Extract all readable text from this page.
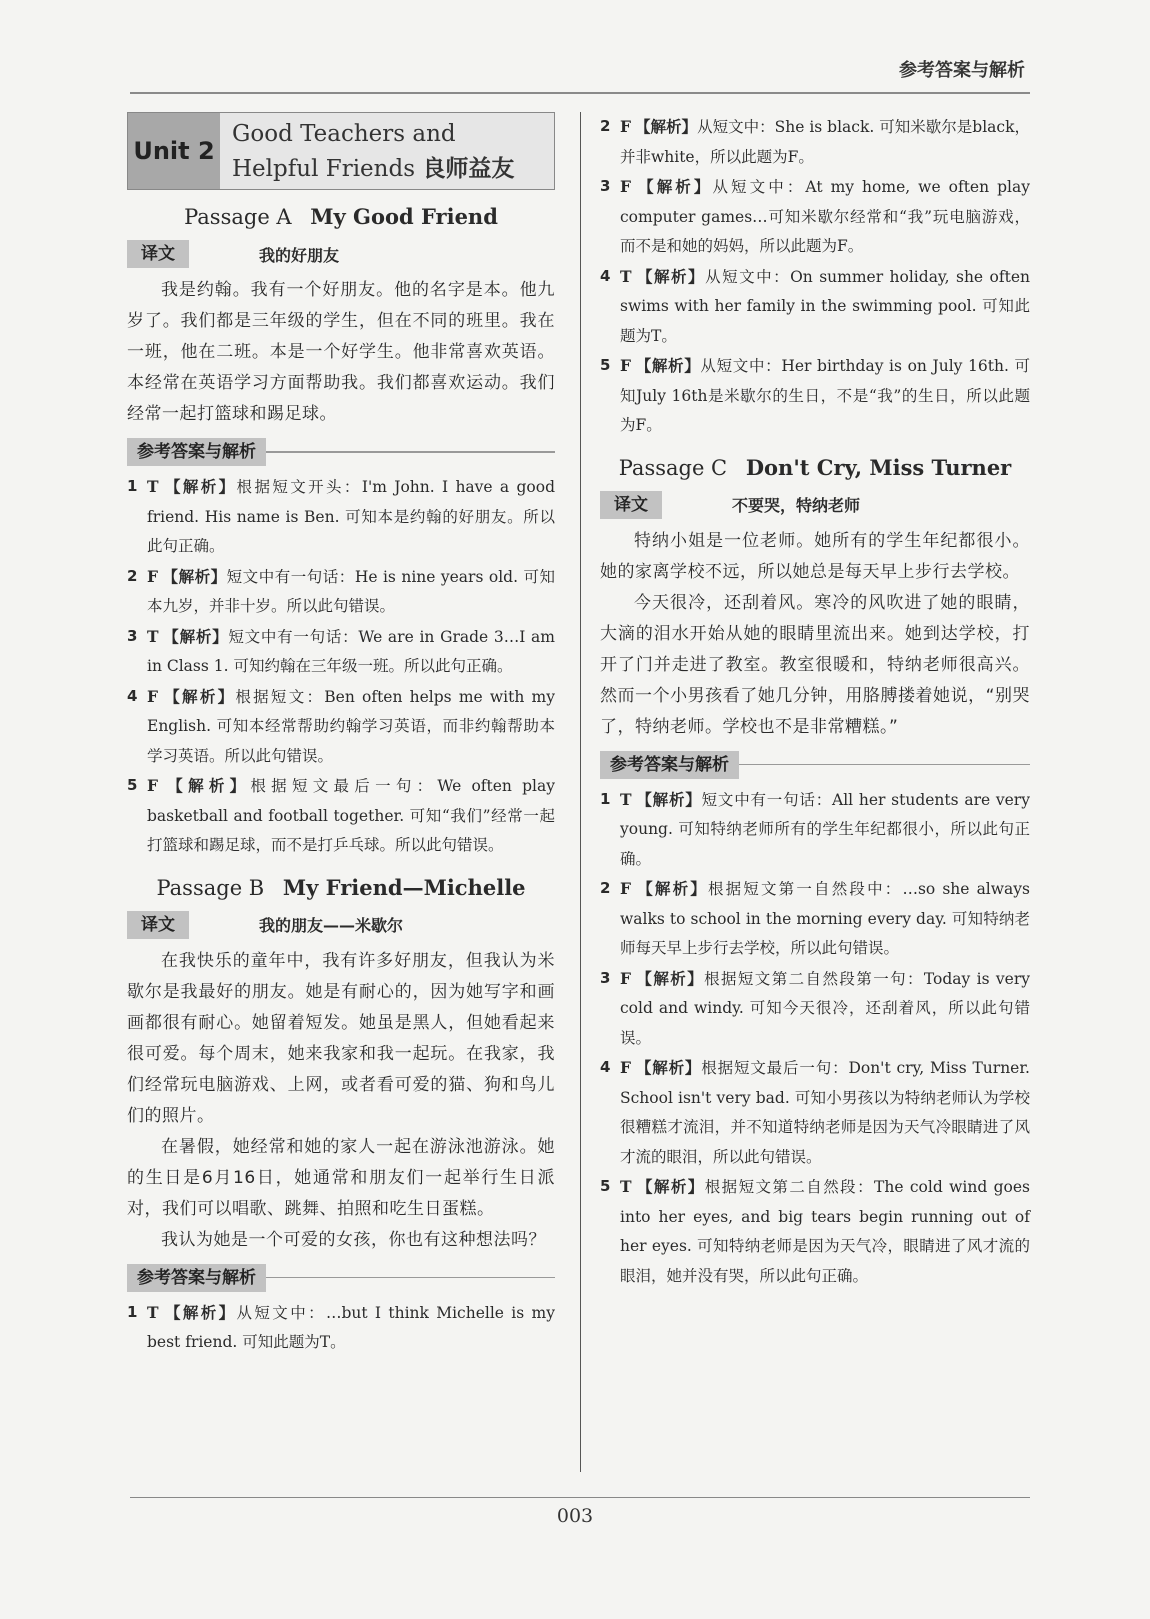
参考答案与解析
Unit 2
Good Teachers and Helpful Friends 良师益友
Passage A My Good Friend
译文	我的好朋友

我是约翰。我有一个好朋友。他的名字是本。他九岁了。我们都是三年级的学生，但在不同的班里。我在一班，他在二班。本是一个好学生。他非常喜欢英语。本经常在英语学习方面帮助我。我们都喜欢运动。我们经常一起打篮球和踢足球。

参考答案与解析
1 T 【解析】根据短文开头：I'm John. I have a good friend. His name is Ben. 可知本是约翰的好朋友。所以此句正确。
2 F 【解析】短文中有一句话：He is nine years old. 可知本九岁，并非十岁。所以此句错误。
3 T 【解析】短文中有一句话：We are in Grade 3…I am in Class 1. 可知约翰在三年级一班。所以此句正确。
4 F 【解析】根据短文：Ben often helps me with my English. 可知本经常帮助约翰学习英语，而非约翰帮助本学习英语。所以此句错误。
5 F 【解析】根据短文最后一句：We often play basketball and football together. 可知“我们”经常一起打篮球和踢足球，而不是打乒乓球。所以此句错误。
Passage B My Friend—Michelle
译文	我的朋友——米歇尔

在我快乐的童年中，我有许多好朋友，但我认为米歇尔是我最好的朋友。她是有耐心的，因为她写字和画画都很有耐心。她留着短发。她虽是黑人，但她看起来很可爱。每个周末，她来我家和我一起玩。在我家，我们经常玩电脑游戏、上网，或者看可爱的猫、狗和鸟儿们的照片。

在暑假，她经常和她的家人一起在游泳池游泳。她的生日是6月16日，她通常和朋友们一起举行生日派对，我们可以唱歌、跳舞、拍照和吃生日蛋糕。

我认为她是一个可爱的女孩，你也有这种想法吗？

参考答案与解析
1 T 【解析】从短文中：…but I think Michelle is my best friend. 可知此题为T。
2 F 【解析】从短文中：She is black. 可知米歇尔是black，并非white，所以此题为F。
3 F 【解析】从短文中：At my home, we often play computer games…可知米歇尔经常和“我”玩电脑游戏，而不是和她的妈妈，所以此题为F。
4 T 【解析】从短文中：On summer holiday, she often swims with her family in the swimming pool. 可知此题为T。
5 F 【解析】从短文中：Her birthday is on July 16th. 可知July 16th是米歇尔的生日，不是“我”的生日，所以此题为F。
Passage C Don't Cry, Miss Turner
译文	不要哭，特纳老师

特纳小姐是一位老师。她所有的学生年纪都很小。她的家离学校不远，所以她总是每天早上步行去学校。

今天很冷，还刮着风。寒冷的风吹进了她的眼睛，大滴的泪水开始从她的眼睛里流出来。她到达学校，打开了门并走进了教室。教室很暖和，特纳老师很高兴。然而一个小男孩看了她几分钟，用胳膊搂着她说，“别哭了，特纳老师。学校也不是非常糟糕。”

参考答案与解析
1 T 【解析】短文中有一句话：All her students are very young. 可知特纳老师所有的学生年纪都很小，所以此句正确。
2 F 【解析】根据短文第一自然段中：…so she always walks to school in the morning every day. 可知特纳老师每天早上步行去学校，所以此句错误。
3 F 【解析】根据短文第二自然段第一句：Today is very cold and windy. 可知今天很冷，还刮着风，所以此句错误。
4 F 【解析】根据短文最后一句：Don't cry, Miss Turner. School isn't very bad. 可知小男孩以为特纳老师认为学校很糟糕才流泪，并不知道特纳老师是因为天气冷眼睛进了风才流的眼泪，所以此句错误。
5 T 【解析】根据短文第二自然段：The cold wind goes into her eyes, and big tears begin running out of her eyes. 可知特纳老师是因为天气冷，眼睛进了风才流的眼泪，她并没有哭，所以此句正确。
003
